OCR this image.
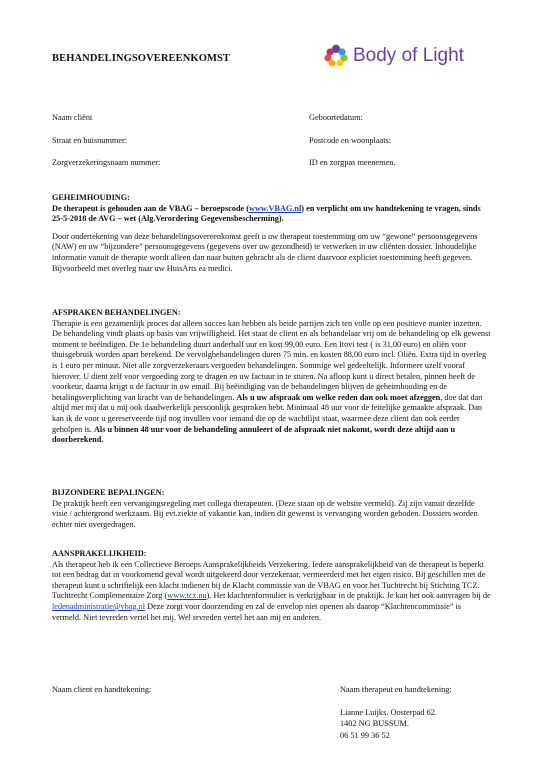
BEHANDELINGSOVEREENKOMST	Body of Light
Naam cliënt	Geboortedatum:
Straat en huisnummer:	Postcode en woonplaats:
Zorgverzekeringsnaam nummer:	ID en zorgpas meenemen.
GEHEIMHOUDING:
De therapeut is gehouden aan de VBAG – beroepscode (www.VBAG.nl) en verplicht om uw handtekening te vragen, sinds 25-5-2018 de AVG – wet (Alg.Verordering Gegevensbescherming).
Door ondertekening van deze behandelingsovereenkomst geeft u uw therapeut toestemming om uw “gewone” persoonsgegevens (NAW) en uw “bijzondere” persoonsgegevens (gegevens over uw gezondheid) te verwerken in uw cliënten dossier. Inhoudelijke informatie vanuit de therapie wordt alleen dan naar buiten gebracht als de client daarvoor expliciet toestemming heeft gegeven. Bijvoorbeeld met overleg naar uw HuisArts ea medici.
AFSPRAKEN BEHANDELINGEN:
Therapie is een gezamenlijk proces dat alleen succes kan hebben als beide partijen zich ten volle op een positieve manier inzetten. De behandeling vindt plaats op basis van vrijwilligheid. Het staat de client en als behandelaar vrij om de behandeling op elk gewenst moment te beëindigen. De 1e behandeling duurt anderhalf uur en kost 99,00 euro. Een Itovi test ( is 31,00 euro) en oliën voor thuisgebruik worden apart berekend. De vervolgbehandelingen duren 75 min. en kosten 88,00 euro incl. Oliën. Extra tijd in overleg is 1 euro per minuut. Niet alle zorgverzekeraars vergoeden behandelingen. Sommige wel gedeeltelijk. Informeer uzelf vooraf hierover. U dient zelf voor vergoeding zorg te dragen en uw factuur in te sturen. Na afloop kunt u direct betalen, pinnen heeft de voorkeur, daarna krijgt u de factuur in uw email. Bij beëindiging van de behandelingen blijven de geheimhouding en de betalingsverplichting van kracht van de behandelingen. Als u uw afspraak om welke reden dan ook moet afzeggen, doe dat dan altijd met mij dat u mij ook daadwerkelijk persoonlijk gesproken hebt. Minimaal 48 uur voor de feitelijke gemaakte afspraak. Dan kan ik de voor u gereserveerde tijd nog invullen voor iemand die op de wachtlijst staat, waarmee deze client dan ook eerder geholpen is. Als u binnen 48 uur voor de behandeling annuleert of de afspraak niet nakomt, wordt deze altijd aan u doorberekend.
BIJZONDERE BEPALINGEN:
De praktijk heeft een vervangingsregeling met collega therapeuten. (Deze staan op de website vermeld). Zij zijn vanuit dezelfde visie / achtergrond werkzaam. Bij evt.ziekte of vakantie kan, indien dit gewenst is vervanging worden geboden. Dossiers worden echter niet overgedragen.
AANSPRAKELIJKHEID:
Als therapeut heb ik een Collectieve Beroeps Aansprakelijkheids Verzekering. Iedere aansprakelijkheid van de therapeut is beperkt tot een bedrag dat in voorkomend geval wordt uitgekeerd door verzekeraar, vermeerderd met het eigen risico. Bij geschillen met de therapeut kunt u schriftelijk een klacht indienen bij de Klacht commissie van de VBAG en voor het Tuchtrecht bij Stichting TCZ. Tuchtrecht Complementaire Zorg (www.tcz.nu). Het klachtenformulier is verkrijgbaar in de praktijk. Je kan het ook aanvragen bij de ledenadministratie@vbag.nl Deze zorgt voor doorzending en zal de envelop niet openen als daarop “Klachtencommissie” is vermeld. Niet tevreden vertel het mij. Wel tevreden vertel het aan mij en anderen.
Naam client en handtekening:	Naam therapeut en handtekening:
Lianne Luijks. Oosterpad 62.
1402 NG BUSSUM.
06 51 99 36 52
